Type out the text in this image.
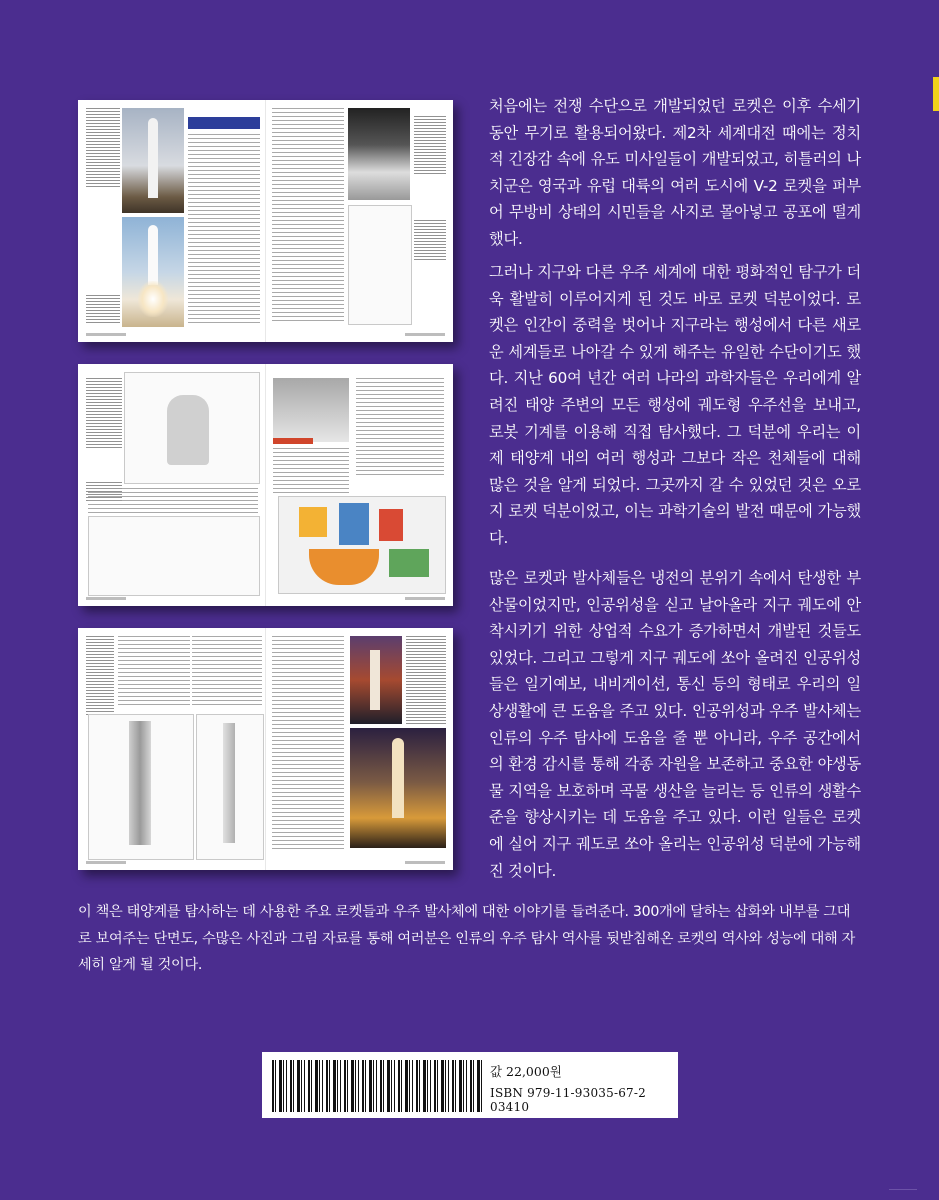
처음에는 전쟁 수단으로 개발되었던 로켓은 이후 수세기 동안 무기로 활용되어왔다. 제2차 세계대전 때에는 정치적 긴장감 속에 유도 미사일들이 개발되었고, 히틀러의 나치군은 영국과 유럽 대륙의 여러 도시에 V-2 로켓을 퍼부어 무방비 상태의 시민들을 사지로 몰아넣고 공포에 떨게 했다.

그러나 지구와 다른 우주 세계에 대한 평화적인 탐구가 더욱 활발히 이루어지게 된 것도 바로 로켓 덕분이었다. 로켓은 인간이 중력을 벗어나 지구라는 행성에서 다른 새로운 세계들로 나아갈 수 있게 해주는 유일한 수단이기도 했다. 지난 60여 년간 여러 나라의 과학자들은 우리에게 알려진 태양 주변의 모든 행성에 궤도형 우주선을 보내고, 로봇 기계를 이용해 직접 탐사했다. 그 덕분에 우리는 이제 태양계 내의 여러 행성과 그보다 작은 천체들에 대해 많은 것을 알게 되었다. 그곳까지 갈 수 있었던 것은 오로지 로켓 덕분이었고, 이는 과학기술의 발전 때문에 가능했다.

많은 로켓과 발사체들은 냉전의 분위기 속에서 탄생한 부산물이었지만, 인공위성을 싣고 날아올라 지구 궤도에 안착시키기 위한 상업적 수요가 증가하면서 개발된 것들도 있었다. 그리고 그렇게 지구 궤도에 쏘아 올려진 인공위성들은 일기예보, 내비게이션, 통신 등의 형태로 우리의 일상생활에 큰 도움을 주고 있다. 인공위성과 우주 발사체는 인류의 우주 탐사에 도움을 줄 뿐 아니라, 우주 공간에서의 환경 감시를 통해 각종 자원을 보존하고 중요한 야생동물 지역을 보호하며 곡물 생산을 늘리는 등 인류의 생활수준을 향상시키는 데 도움을 주고 있다. 이런 일들은 로켓에 실어 지구 궤도로 쏘아 올리는 인공위성 덕분에 가능해진 것이다.

이 책은 태양계를 탐사하는 데 사용한 주요 로켓들과 우주 발사체에 대한 이야기를 들려준다. 300개에 달하는 삽화와 내부를 그대로 보여주는 단면도, 수많은 사진과 그림 자료를 통해 여러분은 인류의 우주 탐사 역사를 뒷받침해온 로켓의 역사와 성능에 대해 자세히 알게 될 것이다.

값 22,000원
ISBN 979-11-93035-67-2 03410
